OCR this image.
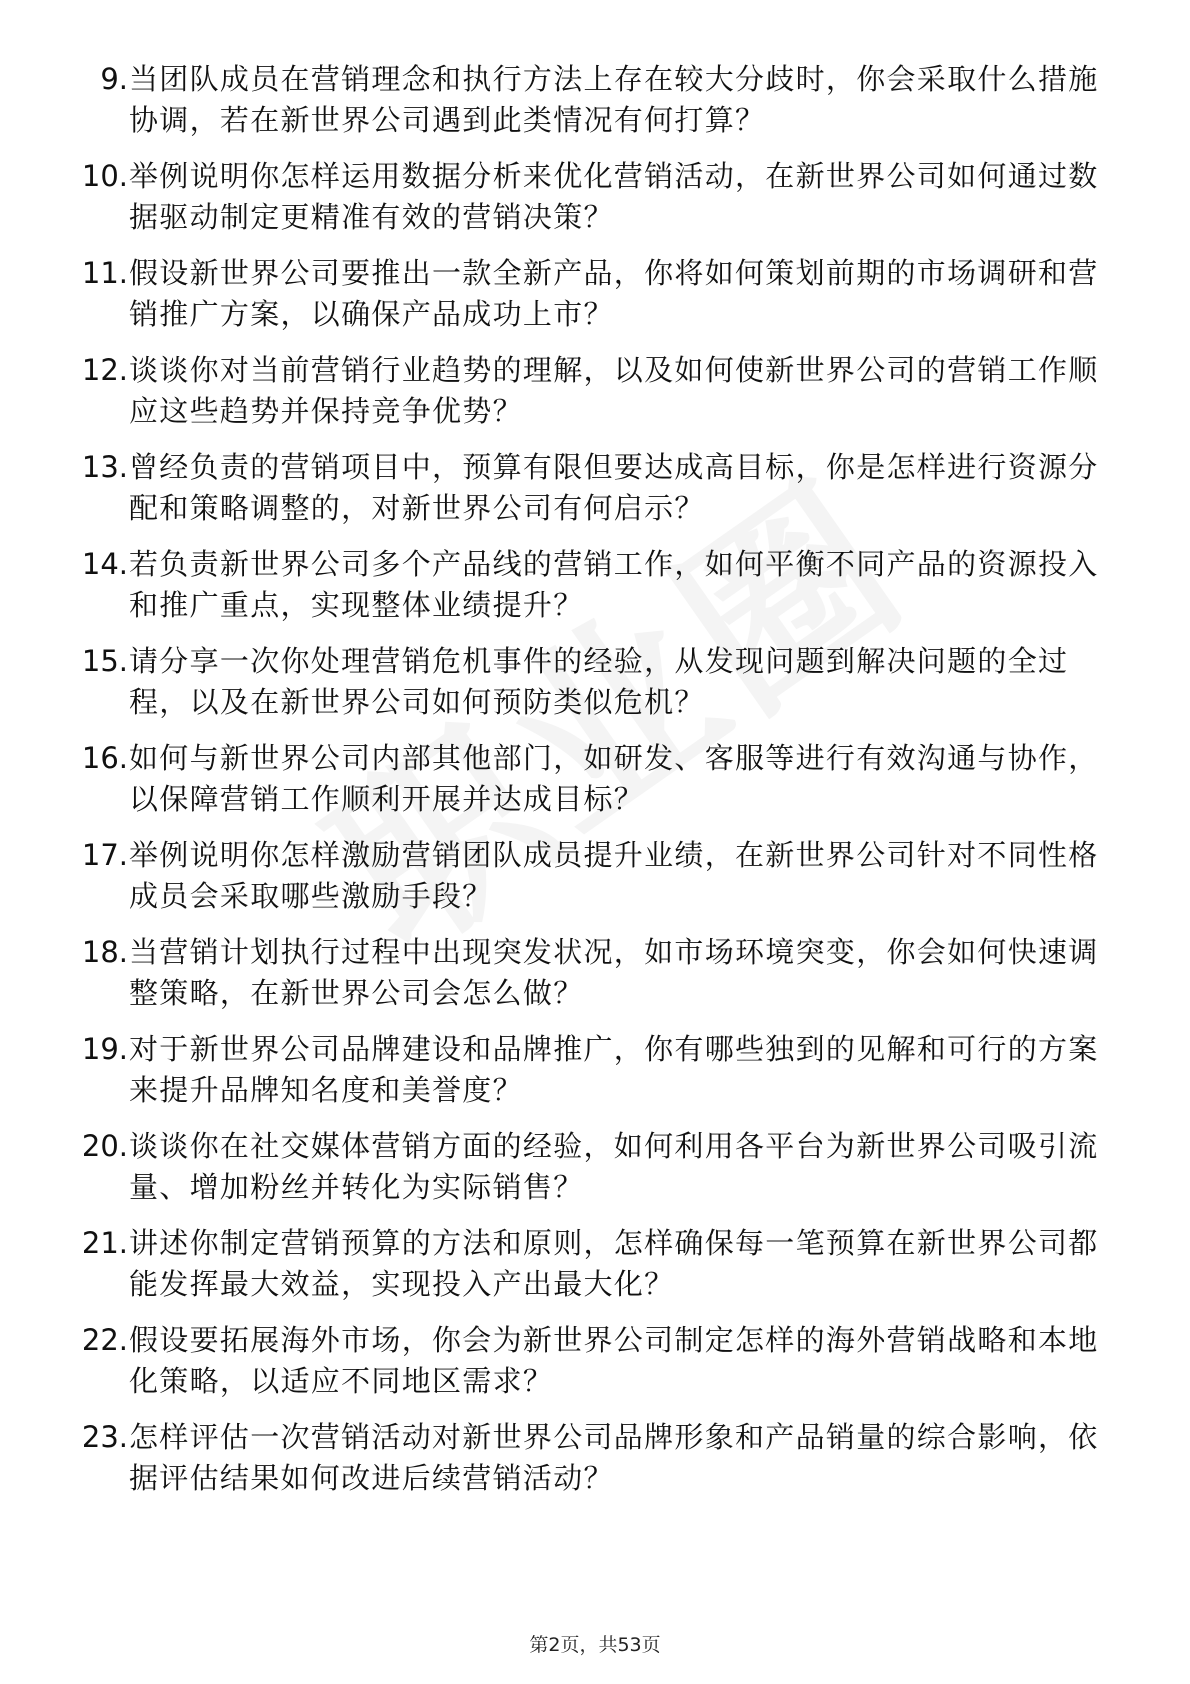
9. 当团队成员在营销理念和执行方法上存在较大分歧时，你会采取什么措施协调，若在新世界公司遇到此类情况有何打算？
10. 举例说明你怎样运用数据分析来优化营销活动，在新世界公司如何通过数据驱动制定更精准有效的营销决策？
11. 假设新世界公司要推出一款全新产品，你将如何策划前期的市场调研和营销推广方案，以确保产品成功上市？
12. 谈谈你对当前营销行业趋势的理解，以及如何使新世界公司的营销工作顺应这些趋势并保持竞争优势？
13. 曾经负责的营销项目中，预算有限但要达成高目标，你是怎样进行资源分配和策略调整的，对新世界公司有何启示？
14. 若负责新世界公司多个产品线的营销工作，如何平衡不同产品的资源投入和推广重点，实现整体业绩提升？
15. 请分享一次你处理营销危机事件的经验，从发现问题到解决问题的全过程，以及在新世界公司如何预防类似危机？
16. 如何与新世界公司内部其他部门，如研发、客服等进行有效沟通与协作，以保障营销工作顺利开展并达成目标？
17. 举例说明你怎样激励营销团队成员提升业绩，在新世界公司针对不同性格成员会采取哪些激励手段？
18. 当营销计划执行过程中出现突发状况，如市场环境突变，你会如何快速调整策略，在新世界公司会怎么做？
19. 对于新世界公司品牌建设和品牌推广，你有哪些独到的见解和可行的方案来提升品牌知名度和美誉度？
20. 谈谈你在社交媒体营销方面的经验，如何利用各平台为新世界公司吸引流量、增加粉丝并转化为实际销售？
21. 讲述你制定营销预算的方法和原则，怎样确保每一笔预算在新世界公司都能发挥最大效益，实现投入产出最大化？
22. 假设要拓展海外市场，你会为新世界公司制定怎样的海外营销战略和本地化策略，以适应不同地区需求？
23. 怎样评估一次营销活动对新世界公司品牌形象和产品销量的综合影响，依据评估结果如何改进后续营销活动？
第2页，共53页
